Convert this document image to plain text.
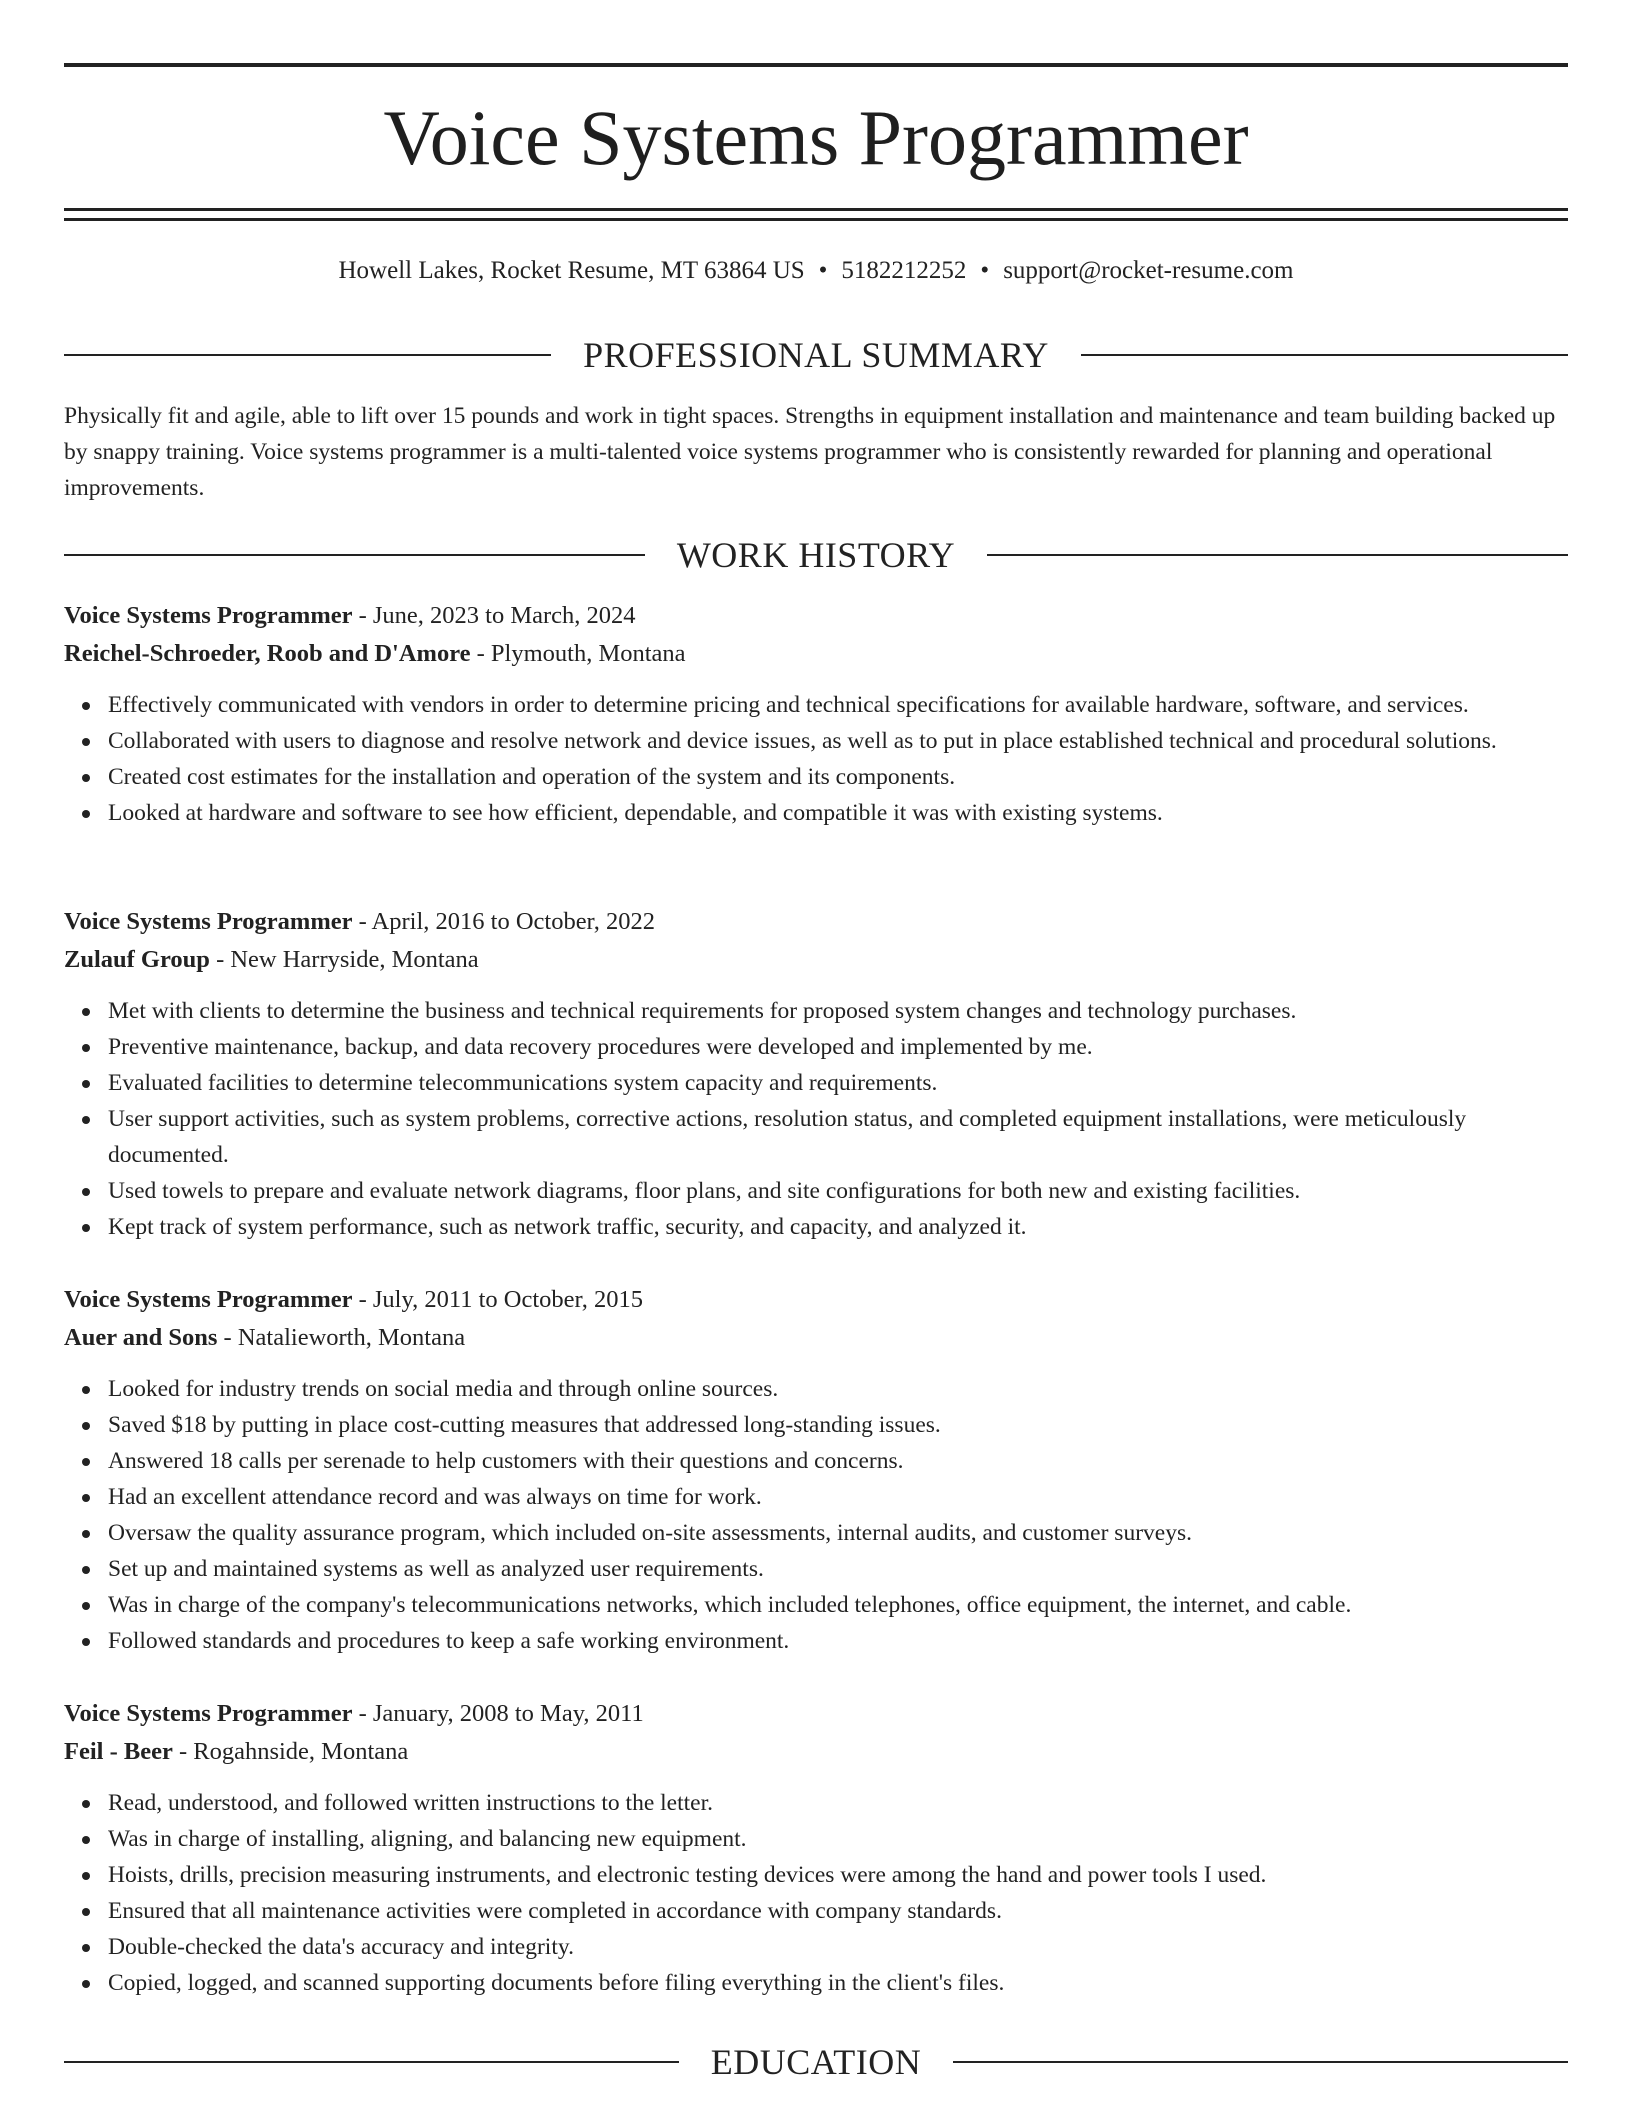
Voice Systems Programmer
Howell Lakes, Rocket Resume, MT 63864 US • 5182212252 • support@rocket-resume.com
PROFESSIONAL SUMMARY

Physically fit and agile, able to lift over 15 pounds and work in tight spaces. Strengths in equipment installation and maintenance and team building backed up by snappy training. Voice systems programmer is a multi-talented voice systems programmer who is consistently rewarded for planning and operational improvements.

WORK HISTORY

Voice Systems Programmer - June, 2023 to March, 2024

Reichel-Schroeder, Roob and D'Amore - Plymouth, Montana

Effectively communicated with vendors in order to determine pricing and technical specifications for available hardware, software, and services.
Collaborated with users to diagnose and resolve network and device issues, as well as to put in place established technical and procedural solutions.
Created cost estimates for the installation and operation of the system and its components.
Looked at hardware and software to see how efficient, dependable, and compatible it was with existing systems.

Voice Systems Programmer - April, 2016 to October, 2022

Zulauf Group - New Harryside, Montana

Met with clients to determine the business and technical requirements for proposed system changes and technology purchases.
Preventive maintenance, backup, and data recovery procedures were developed and implemented by me.
Evaluated facilities to determine telecommunications system capacity and requirements.
User support activities, such as system problems, corrective actions, resolution status, and completed equipment installations, were meticulously documented.
Used towels to prepare and evaluate network diagrams, floor plans, and site configurations for both new and existing facilities.
Kept track of system performance, such as network traffic, security, and capacity, and analyzed it.

Voice Systems Programmer - July, 2011 to October, 2015

Auer and Sons - Natalieworth, Montana

Looked for industry trends on social media and through online sources.
Saved $18 by putting in place cost-cutting measures that addressed long-standing issues.
Answered 18 calls per serenade to help customers with their questions and concerns.
Had an excellent attendance record and was always on time for work.
Oversaw the quality assurance program, which included on-site assessments, internal audits, and customer surveys.
Set up and maintained systems as well as analyzed user requirements.
Was in charge of the company's telecommunications networks, which included telephones, office equipment, the internet, and cable.
Followed standards and procedures to keep a safe working environment.

Voice Systems Programmer - January, 2008 to May, 2011

Feil - Beer - Rogahnside, Montana

Read, understood, and followed written instructions to the letter.
Was in charge of installing, aligning, and balancing new equipment.
Hoists, drills, precision measuring instruments, and electronic testing devices were among the hand and power tools I used.
Ensured that all maintenance activities were completed in accordance with company standards.
Double-checked the data's accuracy and integrity.
Copied, logged, and scanned supporting documents before filing everything in the client's files.
EDUCATION
